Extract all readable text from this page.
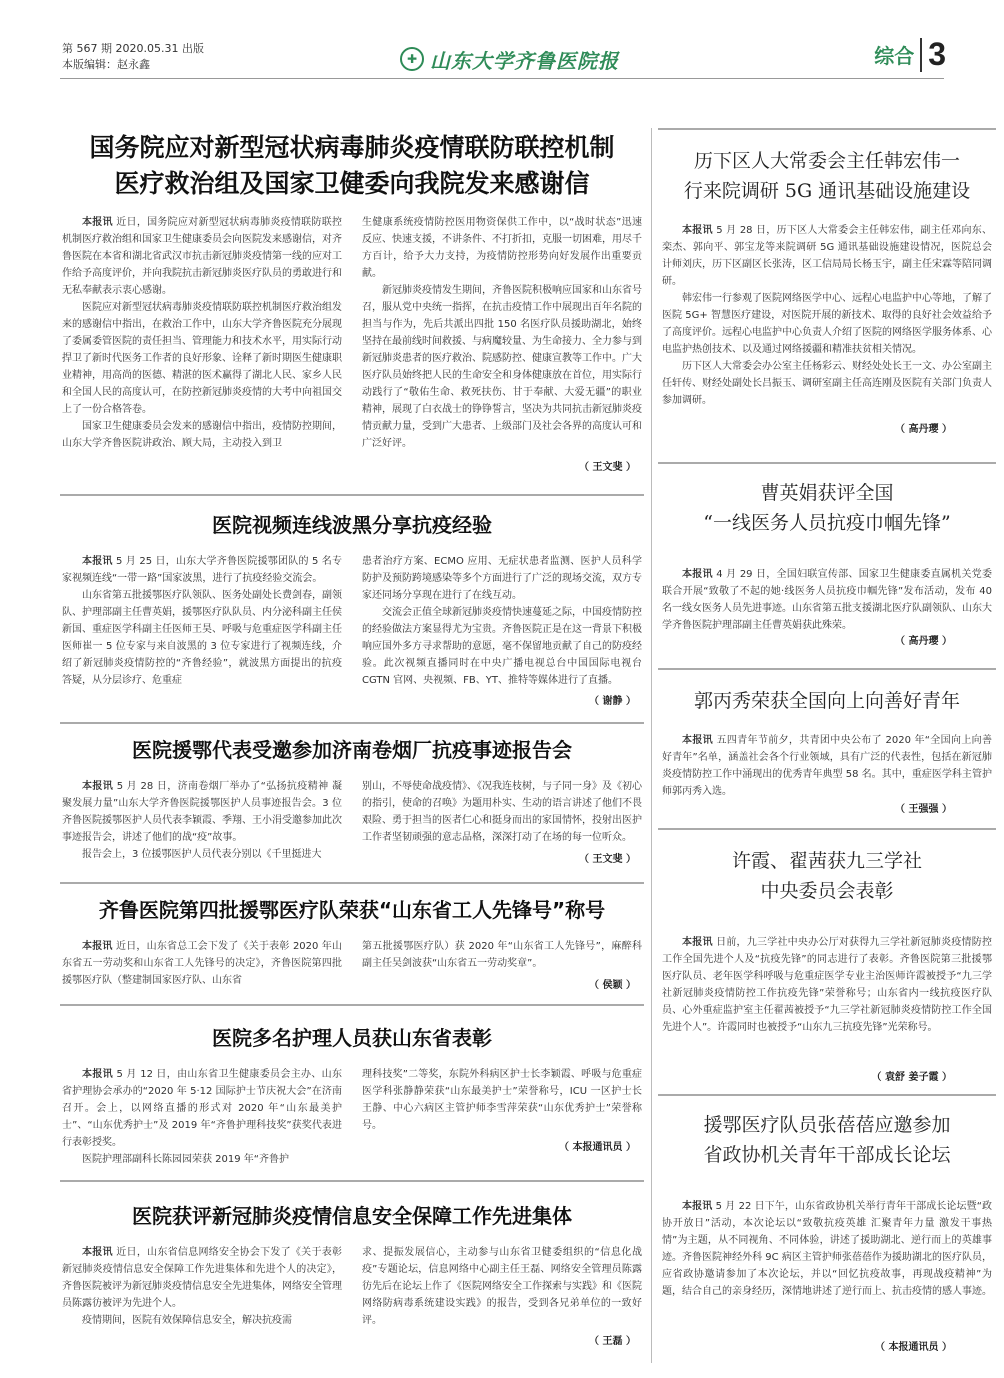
第 567 期 2020.05.31 出版
本版编辑：赵永鑫	✚ 山东大学齐鲁医院报	综合 3
国务院应对新型冠状病毒肺炎疫情联防联控机制
医疗救治组及国家卫健委向我院发来感谢信

本报讯 近日，国务院应对新型冠状病毒肺炎疫情联防联控机制医疗救治组和国家卫生健康委员会向医院发来感谢信，对齐鲁医院在本省和湖北省武汉市抗击新冠肺炎疫情第一线的应对工作给予高度评价，并向我院抗击新冠肺炎医疗队员的勇敢进行和无私奉献表示衷心感谢。

医院应对新型冠状病毒肺炎疫情联防联控机制医疗救治组发来的感谢信中指出，在救治工作中，山东大学齐鲁医院充分展现了委属委管医院的责任担当、管理能力和技术水平，用实际行动捍卫了新时代医务工作者的良好形象、诠释了新时期医生健康职业精神，用高尚的医德、精湛的医术赢得了湖北人民、家乡人民和全国人民的高度认可，在防控新冠肺炎疫情的大考中向祖国交上了一份合格答卷。

国家卫生健康委员会发来的感谢信中指出，疫情防控期间，山东大学齐鲁医院讲政治、顾大局，主动投入到卫

生健康系统疫情防控医用物资保供工作中，以“战时状态”迅速反应、快速支援，不讲条件、不打折扣，克服一切困难，用尽千方百计，给予大力支持，为疫情防控形势向好发展作出重要贡献。

新冠肺炎疫情发生期间，齐鲁医院积极响应国家和山东省号召，服从党中央统一指挥，在抗击疫情工作中展现出百年名院的担当与作为，先后共派出四批 150 名医疗队员援助湖北，始终坚持在最前线时间救援、与病魔较量、为生命接力、全力参与到新冠肺炎患者的医疗救治、院感防控、健康宣教等工作中。广大医疗队员始终把人民的生命安全和身体健康放在首位，用实际行动践行了“敬佑生命、救死扶伤、甘于奉献、大爱无疆”的职业精神，展现了白衣战士的铮铮誓言，坚决为共同抗击新冠肺炎疫情贡献力量，受到广大患者、上级部门及社会各界的高度认可和广泛好评。

（ 王文斐 ）
医院视频连线波黑分享抗疫经验

本报讯 5 月 25 日，山东大学齐鲁医院援鄂团队的 5 名专家视频连线“一带一路”国家波黑，进行了抗疫经验交流会。

山东省第五批援鄂医疗队领队、医务处副处长费剑春，副领队、护理部副主任曹英娟，援鄂医疗队队员、内分泌科副主任侯新国、重症医学科副主任医师王昊、呼吸与危重症医学科副主任医师崔一 5 位专家与来自波黑的 3 位专家进行了视频连线，介绍了新冠肺炎疫情防控的“齐鲁经验”，就波黑方面提出的抗疫答疑，从分层诊疗、危重症

患者治疗方案、ECMO 应用、无症状患者监测、医护人员科学防护及预防跨境感染等多个方面进行了广泛的现场交流，双方专家还同场分享现在进行了在线互动。

交流会正值全球新冠肺炎疫情快速蔓延之际，中国疫情防控的经验做法方案显得尤为宝贵。齐鲁医院正是在这一背景下积极响应国外多方寻求帮助的意愿，毫不保留地贡献了自己的防疫经验。此次视频直播同时在中央广播电视总台中国国际电视台 CGTN 官网、央视频、FB、YT、推特等媒体进行了直播。

（ 谢静 ）
医院援鄂代表受邀参加济南卷烟厂抗疫事迹报告会

本报讯 5 月 28 日，济南卷烟厂举办了“弘扬抗疫精神 凝聚发展力量”山东大学齐鲁医院援鄂医护人员事迹报告会。3 位齐鲁医院援鄂医护人员代表李颖霞、季翔、王小涓受邀参加此次事迹报告会，讲述了他们的战“疫”故事。

报告会上，3 位援鄂医护人员代表分别以《千里挺进大

别山，不辱使命战疫情》、《况我连枝树，与子同一身》及《初心的指引，使命的召唤》为题用朴实、生动的语言讲述了他们不畏艰险、勇于担当的医者仁心和挺身而出的家国情怀，投射出医护工作者坚韧顽强的意志品格，深深打动了在场的每一位听众。

（ 王文斐 ）
齐鲁医院第四批援鄂医疗队荣获“山东省工人先锋号”称号

本报讯 近日，山东省总工会下发了《关于表彰 2020 年山东省五一劳动奖和山东省工人先锋号的决定》，齐鲁医院第四批援鄂医疗队（整建制国家医疗队、山东省

第五批援鄂医疗队）获 2020 年“山东省工人先锋号”，麻醉科副主任吴剑波获“山东省五一劳动奖章”。

（ 侯颖 ）
医院多名护理人员获山东省表彰

本报讯 5 月 12 日，由山东省卫生健康委员会主办、山东省护理协会承办的“2020 年 5·12 国际护士节庆祝大会”在济南召开。会上，以网络直播的形式对 2020 年“山东最美护士”、“山东优秀护士”及 2019 年“齐鲁护理科技奖”获奖代表进行表彰授奖。

医院护理部副科长陈园园荣获 2019 年“齐鲁护

理科技奖”二等奖，东院外科病区护士长李颖霞、呼吸与危重症医学科张静静荣获“山东最美护士”荣誉称号，ICU 一区护士长王静、中心六病区主管护师李雪萍荣获“山东优秀护士”荣誉称号。

（ 本报通讯员 ）
医院获评新冠肺炎疫情信息安全保障工作先进集体

本报讯 近日，山东省信息网络安全协会下发了《关于表彰新冠肺炎疫情信息安全保障工作先进集体和先进个人的决定》，齐鲁医院被评为新冠肺炎疫情信息安全先进集体，网络安全管理员陈露彷被评为先进个人。

疫情期间，医院有效保障信息安全，解决抗疫需

求、提振发展信心，主动参与山东省卫健委组织的“信息化战疫”专题论坛，信息网络中心副主任王磊、网络安全管理员陈露彷先后在论坛上作了《医院网络安全工作探索与实践》和《医院网络防病毒系统建设实践》的报告，受到各兄弟单位的一致好评。

（ 王磊 ）
历下区人大常委会主任韩宏伟一
行来院调研 5G 通讯基础设施建设

本报讯 5 月 28 日，历下区人大常委会主任韩宏伟，副主任邓向东、栾杰、郭向平、郭宝龙等来院调研 5G 通讯基础设施建设情况，医院总会计师刘庆，历下区副区长张涛，区工信局局长杨玉宇，副主任宋霖等陪同调研。

韩宏伟一行参观了医院网络医学中心、远程心电监护中心等地，了解了医院 5G+ 智慧医疗建设，对医院开展的新技术、取得的良好社会效益给予了高度评价。远程心电监护中心负责人介绍了医院的网络医学服务体系、心电监护热创技术、以及通过网络援疆和精准扶贫相关情况。

历下区人大常委会办公室主任杨彩云、财经处处长王一文、办公室副主任轩传、财经处副处长吕振玉、调研室副主任高连刚及医院有关部门负责人参加调研。

（ 高丹璎 ）
曹英娟获评全国
“一线医务人员抗疫巾帼先锋”

本报讯 4 月 29 日，全国妇联宣传部、国家卫生健康委直属机关党委联合开展“致敬了不起的她·线医务人员抗疫巾帼先锋”发布活动，发布 40 名一线女医务人员先进事迹。山东省第五批支援湖北医疗队副领队、山东大学齐鲁医院护理部副主任曹英娟获此殊荣。

（ 高丹璎 ）
郭丙秀荣获全国向上向善好青年

本报讯 五四青年节前夕，共青团中央公布了 2020 年“全国向上向善好青年”名单，涵盖社会各个行业领域，具有广泛的代表性，包括在新冠肺炎疫情防控工作中涌现出的优秀青年典型 58 名。其中，重症医学科主管护师郭丙秀入选。

（ 王强强 ）
许霞、翟茜获九三学社
中央委员会表彰

本报讯 日前，九三学社中央办公厅对获得九三学社新冠肺炎疫情防控工作全国先进个人及“抗疫先锋”的同志进行了表彰。齐鲁医院第三批援鄂医疗队员、老年医学科呼吸与危重症医学专业主治医师许霞被授予“九三学社新冠肺炎疫情防控工作抗疫先锋”荣誉称号；山东省内一线抗疫医疗队员、心外重症监护室主任翟茜被授予“九三学社新冠肺炎疫情防控工作全国先进个人”。许霞同时也被授予“山东九三抗疫先锋”光荣称号。

（ 袁舒 姜子霞 ）
援鄂医疗队员张蓓蓓应邀参加
省政协机关青年干部成长论坛

本报讯 5 月 22 日下午，山东省政协机关举行青年干部成长论坛暨“政协开放日”活动，本次论坛以“致敬抗疫英雄 汇聚青年力量 激发干事热情”为主题，从不同视角、不同体验，讲述了援助湖北、逆行而上的英雄事迹。齐鲁医院神经外科 9C 病区主管护师张蓓蓓作为援助湖北的医疗队员，应省政协邀请参加了本次论坛，并以“回忆抗疫故事，再现战疫精神”为题，结合自己的亲身经历，深情地讲述了逆行而上、抗击疫情的感人事迹。

（ 本报通讯员 ）
